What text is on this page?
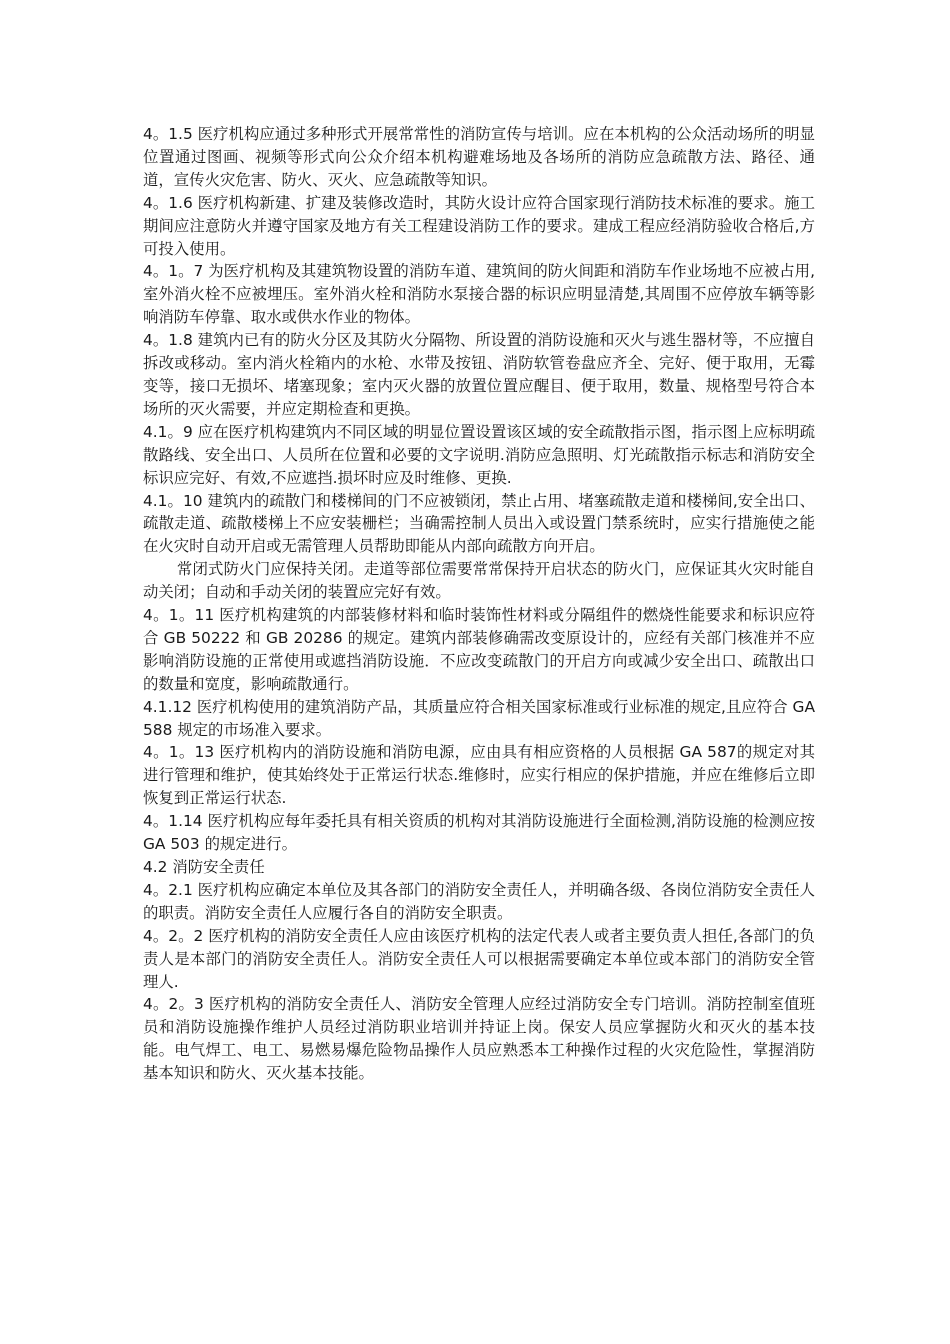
4。1.5 医疗机构应通过多种形式开展常常性的消防宣传与培训。应在本机构的公众活动场所的明显位置通过图画、视频等形式向公众介绍本机构避难场地及各场所的消防应急疏散方法、路径、通道，宣传火灾危害、防火、灭火、应急疏散等知识。

4。1.6 医疗机构新建、扩建及装修改造时，其防火设计应符合国家现行消防技术标准的要求。施工期间应注意防火并遵守国家及地方有关工程建设消防工作的要求。建成工程应经消防验收合格后,方可投入使用。

4。1。7 为医疗机构及其建筑物设置的消防车道、建筑间的防火间距和消防车作业场地不应被占用,室外消火栓不应被埋压。室外消火栓和消防水泵接合器的标识应明显清楚,其周围不应停放车辆等影响消防车停靠、取水或供水作业的物体。

4。1.8 建筑内已有的防火分区及其防火分隔物、所设置的消防设施和灭火与逃生器材等，不应擅自拆改或移动。室内消火栓箱内的水枪、水带及按钮、消防软管卷盘应齐全、完好、便于取用，无霉变等，接口无损坏、堵塞现象；室内灭火器的放置位置应醒目、便于取用，数量、规格型号符合本场所的灭火需要，并应定期检查和更换。

4.1。9 应在医疗机构建筑内不同区域的明显位置设置该区域的安全疏散指示图，指示图上应标明疏散路线、安全出口、人员所在位置和必要的文字说明.消防应急照明、灯光疏散指示标志和消防安全标识应完好、有效,不应遮挡.损坏时应及时维修、更换.

4.1。10 建筑内的疏散门和楼梯间的门不应被锁闭，禁止占用、堵塞疏散走道和楼梯间,安全出口、疏散走道、疏散楼梯上不应安装栅栏；当确需控制人员出入或设置门禁系统时，应实行措施使之能在火灾时自动开启或无需管理人员帮助即能从内部向疏散方向开启。

常闭式防火门应保持关闭。走道等部位需要常常保持开启状态的防火门，应保证其火灾时能自动关闭；自动和手动关闭的装置应完好有效。

4。1。11 医疗机构建筑的内部装修材料和临时装饰性材料或分隔组件的燃烧性能要求和标识应符合 GB 50222 和 GB 20286 的规定。建筑内部装修确需改变原设计的，应经有关部门核准并不应影响消防设施的正常使用或遮挡消防设施．不应改变疏散门的开启方向或减少安全出口、疏散出口的数量和宽度，影响疏散通行。

4.1.12 医疗机构使用的建筑消防产品，其质量应符合相关国家标准或行业标准的规定,且应符合 GA 588 规定的市场准入要求。

4。1。13 医疗机构内的消防设施和消防电源，应由具有相应资格的人员根据 GA 587的规定对其进行管理和维护，使其始终处于正常运行状态.维修时，应实行相应的保护措施，并应在维修后立即恢复到正常运行状态.

4。1.14 医疗机构应每年委托具有相关资质的机构对其消防设施进行全面检测,消防设施的检测应按 GA 503 的规定进行。

4.2 消防安全责任

4。2.1 医疗机构应确定本单位及其各部门的消防安全责任人，并明确各级、各岗位消防安全责任人的职责。消防安全责任人应履行各自的消防安全职责。

4。2。2 医疗机构的消防安全责任人应由该医疗机构的法定代表人或者主要负责人担任,各部门的负责人是本部门的消防安全责任人。消防安全责任人可以根据需要确定本单位或本部门的消防安全管理人.

4。2。3 医疗机构的消防安全责任人、消防安全管理人应经过消防安全专门培训。消防控制室值班员和消防设施操作维护人员经过消防职业培训并持证上岗。保安人员应掌握防火和灭火的基本技能。电气焊工、电工、易燃易爆危险物品操作人员应熟悉本工种操作过程的火灾危险性，掌握消防基本知识和防火、灭火基本技能。
